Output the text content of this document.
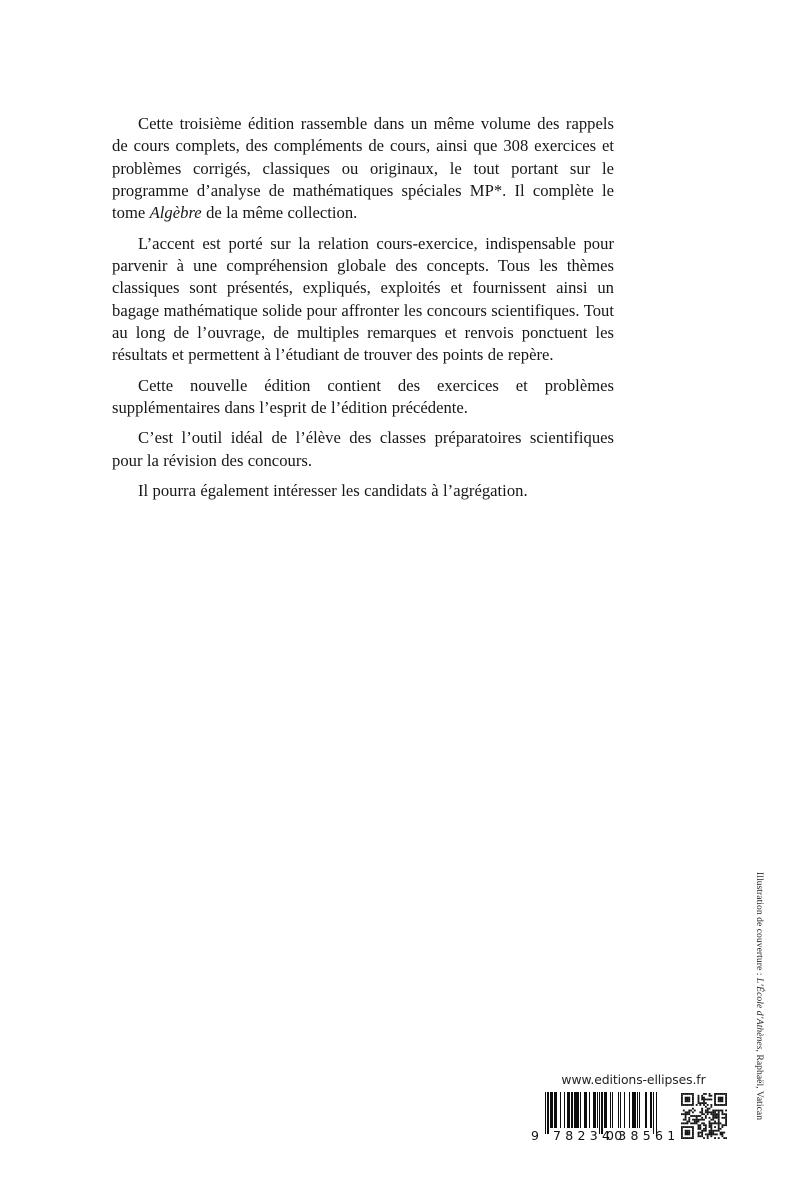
Cette troisième édition rassemble dans un même volume des rappels de cours complets, des compléments de cours, ainsi que 308 exercices et problèmes corrigés, classiques ou originaux, le tout portant sur le programme d’analyse de mathématiques spéciales MP*. Il complète le tome Algèbre de la même collection.

L’accent est porté sur la relation cours-exercice, indispensable pour parvenir à une compréhension globale des concepts. Tous les thèmes classiques sont présentés, expliqués, exploités et fournissent ainsi un bagage mathématique solide pour affronter les concours scientifiques. Tout au long de l’ouvrage, de multiples remarques et renvois ponctuent les résultats et permettent à l’étudiant de trouver des points de repère.

Cette nouvelle édition contient des exercices et problèmes supplémentaires dans l’esprit de l’édition précédente.

C’est l’outil idéal de l’élève des classes préparatoires scientifiques pour la révision des concours.

Il pourra également intéresser les candidats à l’agrégation.

www.editions-ellipses.fr
9 782340
038561
Illustration de couverture : L’École d’Athènes, Raphaël, Vatican
